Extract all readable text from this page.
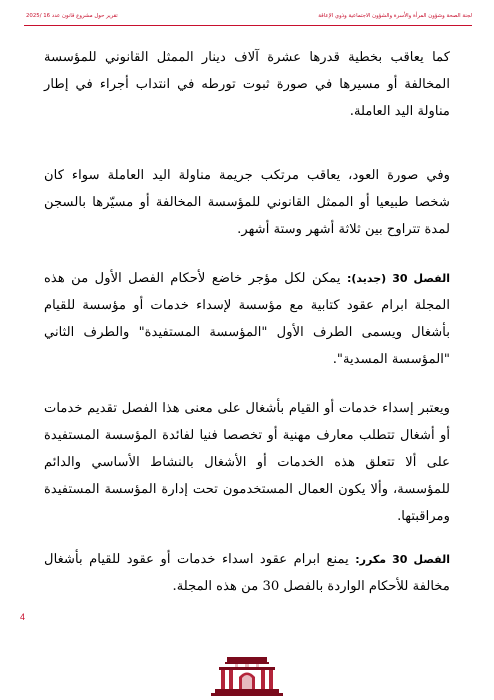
لجنة الصحة وشؤون المرأة والأسرة والشؤون الاجتماعية وذوي الإعاقة
تقرير حول مشروع قانون عدد 16 /2025

كما يعاقب بخطية قدرها عشرة آلاف دينار الممثل القانوني للمؤسسة المخالفة أو مسيرها في صورة ثبوت تورطه في انتداب أجراء في إطار مناولة اليد العاملة.

وفي صورة العود، يعاقب مرتكب جريمة مناولة اليد العاملة سواء كان شخصا طبيعيا أو الممثل القانوني للمؤسسة المخالفة أو مسيّرها بالسجن لمدة تتراوح بين ثلاثة أشهر وستة أشهر.

الفصل 30 (جديد): يمكن لكل مؤجر خاضع لأحكام الفصل الأول من هذه المجلة ابرام عقود كتابية مع مؤسسة لإسداء خدمات أو مؤسسة للقيام بأشغال ويسمى الطرف الأول "المؤسسة المستفيدة" والطرف الثاني "المؤسسة المسدية".

ويعتبر إسداء خدمات أو القيام بأشغال على معنى هذا الفصل تقديم خدمات أو أشغال تتطلب معارف مهنية أو تخصصا فنيا لفائدة المؤسسة المستفيدة على ألا تتعلق هذه الخدمات أو الأشغال بالنشاط الأساسي والدائم للمؤسسة، وألا يكون العمال المستخدمون تحت إدارة المؤسسة المستفيدة ومراقبتها.

الفصل 30 مكرر: يمنع ابرام عقود اسداء خدمات أو عقود للقيام بأشغال مخالفة للأحكام الواردة بالفصل 30 من هذه المجلة.

4
